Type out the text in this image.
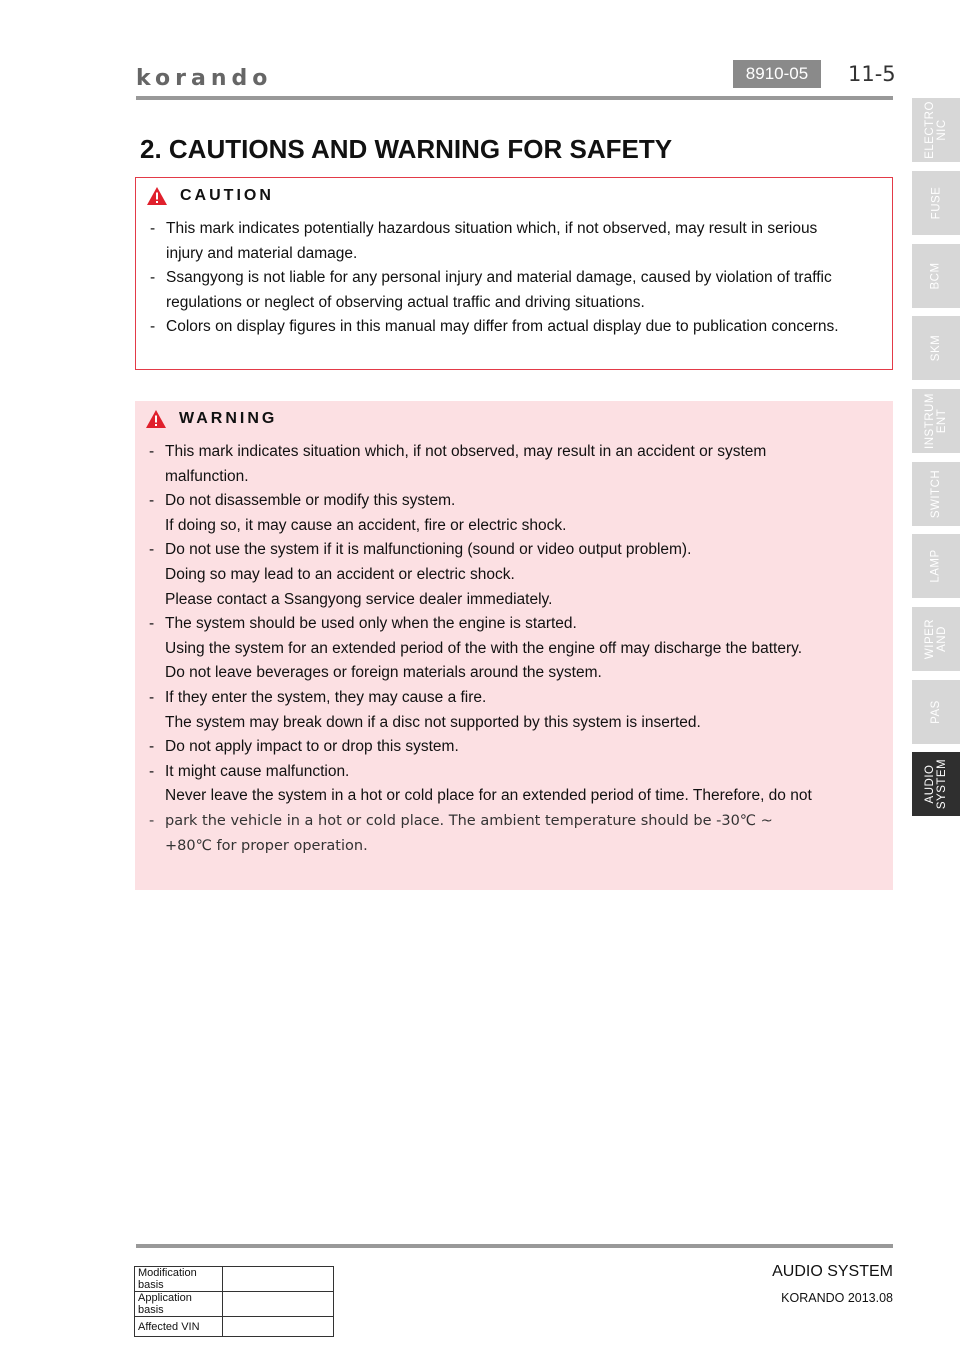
korando	8910-05	11-5
2. CAUTIONS AND WARNING FOR SAFETY
CAUTION
- This mark indicates potentially hazardous situation which, if not observed, may result in serious
injury and material damage.
- Ssangyong is not liable for any personal injury and material damage, caused by violation of traffic
regulations or neglect of observing actual traffic and driving situations.
- Colors on display figures in this manual may differ from actual display due to publication concerns.
WARNING
- This mark indicates situation which, if not observed, may result in an accident or system
malfunction.
- Do not disassemble or modify this system.
If doing so, it may cause an accident, fire or electric shock.
- Do not use the system if it is malfunctioning (sound or video output problem).
Doing so may lead to an accident or electric shock.
Please contact a Ssangyong service dealer immediately.
- The system should be used only when the engine is started.
Using the system for an extended period of the with the engine off may discharge the battery.
Do not leave beverages or foreign materials around the system.
- If they enter the system, they may cause a fire.
The system may break down if a disc not supported by this system is inserted.
- Do not apply impact to or drop this system.
- It might cause malfunction.
Never leave the system in a hot or cold place for an extended period of time. Therefore, do not
- park the vehicle in a hot or cold place. The ambient temperature should be -30℃ ~
+80℃ for proper operation.
ELECTRO
NIC
FUSE
BCM
SKM
INSTRUM
ENT
SWITCH
LAMP
WIPER
AND
PAS
AUDIO
SYSTEM
Modification basis	
Application basis	
Affected VIN	
AUDIO SYSTEM
KORANDO 2013.08
